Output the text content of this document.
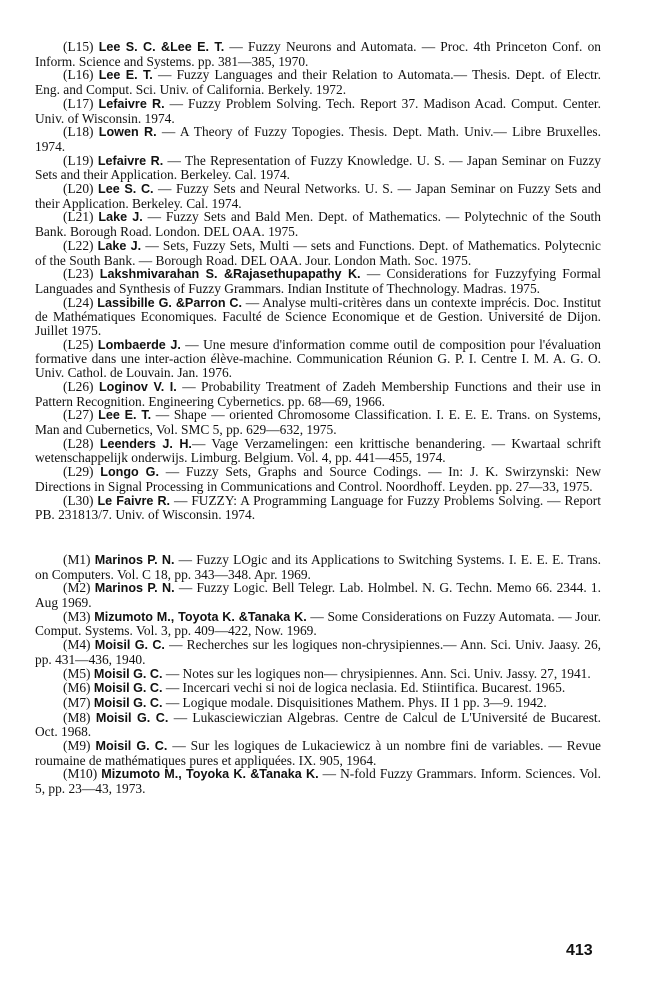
(L15) Lee S. C. &Lee E. T. — Fuzzy Neurons and Automata. — Proc. 4th Princeton Conf. on Inform. Science and Systems. pp. 381—385, 1970.

(L16) Lee E. T. — Fuzzy Languages and their Relation to Automata.— Thesis. Dept. of Electr. Eng. and Comput. Sci. Univ. of California. Berkely. 1972.

(L17) Lefaivre R. — Fuzzy Problem Solving. Tech. Report 37. Madison Acad. Comput. Center. Univ. of Wisconsin. 1974.

(L18) Lowen R. — A Theory of Fuzzy Topogies. Thesis. Dept. Math. Univ.— Libre Bruxelles. 1974.

(L19) Lefaivre R. — The Representation of Fuzzy Knowledge. U. S. — Japan Seminar on Fuzzy Sets and their Application. Berkeley. Cal. 1974.

(L20) Lee S. C. — Fuzzy Sets and Neural Networks. U. S. — Japan Seminar on Fuzzy Sets and their Application. Berkeley. Cal. 1974.

(L21) Lake J. — Fuzzy Sets and Bald Men. Dept. of Mathematics. — Polytechnic of the South Bank. Borough Road. London. DEL OAA. 1975.

(L22) Lake J. — Sets, Fuzzy Sets, Multi — sets and Functions. Dept. of Mathematics. Polytecnic of the South Bank. — Borough Road. DEL OAA. Jour. London Math. Soc. 1975.

(L23) Lakshmivarahan S. &Rajasethupapathy K. — Considerations for Fuzzyfying Formal Languades and Synthesis of Fuzzy Grammars. Indian Institute of Thechnology. Madras. 1975.

(L24) Lassibille G. &Parron C. — Analyse multi-critères dans un contexte imprécis. Doc. Institut de Mathématiques Economiques. Faculté de Science Economique et de Gestion. Université de Dijon. Juillet 1975.

(L25) Lombaerde J. — Une mesure d'information comme outil de composition pour l'évaluation formative dans une inter-action élève-machine. Communication Réunion G. P. I. Centre I. M. A. G. O. Univ. Cathol. de Louvain. Jan. 1976.

(L26) Loginov V. I. — Probability Treatment of Zadeh Membership Functions and their use in Pattern Recognition. Engineering Cybernetics. pp. 68—69, 1966.

(L27) Lee E. T. — Shape — oriented Chromosome Classification. I. E. E. E. Trans. on Systems, Man and Cubernetics, Vol. SMC 5, pp. 629—632, 1975.

(L28) Leenders J. H.— Vage Verzamelingen: een krittische benandering. — Kwartaal schrift wetenschappelijk onderwijs. Limburg. Belgium. Vol. 4, pp. 441—455, 1974.

(L29) Longo G. — Fuzzy Sets, Graphs and Source Codings. — In: J. K. Swirzynski: New Directions in Signal Processing in Communications and Control. Noordhoff. Leyden. pp. 27—33, 1975.

(L30) Le Faivre R. — FUZZY: A Programming Language for Fuzzy Problems Solving. — Report PB. 231813/7. Univ. of Wisconsin. 1974.

(M1) Marinos P. N. — Fuzzy LOgic and its Applications to Switching Systems. I. E. E. E. Trans. on Computers. Vol. C 18, pp. 343—348. Apr. 1969.

(M2) Marinos P. N. — Fuzzy Logic. Bell Telegr. Lab. Holmbel. N. G. Techn. Memo 66. 2344. 1. Aug 1969.

(M3) Mizumoto M., Toyota K. &Tanaka K. — Some Considerations on Fuzzy Automata. — Jour. Comput. Systems. Vol. 3, pp. 409—422, Now. 1969.

(M4) Moisil G. C. — Recherches sur les logiques non-chrysipiennes.— Ann. Sci. Univ. Jaasy. 26, pp. 431—436, 1940.

(M5) Moisil G. C. — Notes sur les logiques non— chrysipiennes. Ann. Sci. Univ. Jassy. 27, 1941.

(M6) Moisil G. C. — Incercari vechi si noi de logica neclasia. Ed. Stiintifica. Bucarest. 1965.

(M7) Moisil G. C. — Logique modale. Disquisitiones Mathem. Phys. II 1 pp. 3—9. 1942.

(M8) Moisil G. C. — Lukasciewiczian Algebras. Centre de Calcul de L'Université de Bucarest. Oct. 1968.

(M9) Moisil G. C. — Sur les logiques de Lukaciewicz à un nombre fini de variables. — Revue roumaine de mathématiques pures et appliquées. IX. 905, 1964.

(M10) Mizumoto M., Toyoka K. &Tanaka K. — N-fold Fuzzy Grammars. Inform. Sciences. Vol. 5, pp. 23—43, 1973.

413
